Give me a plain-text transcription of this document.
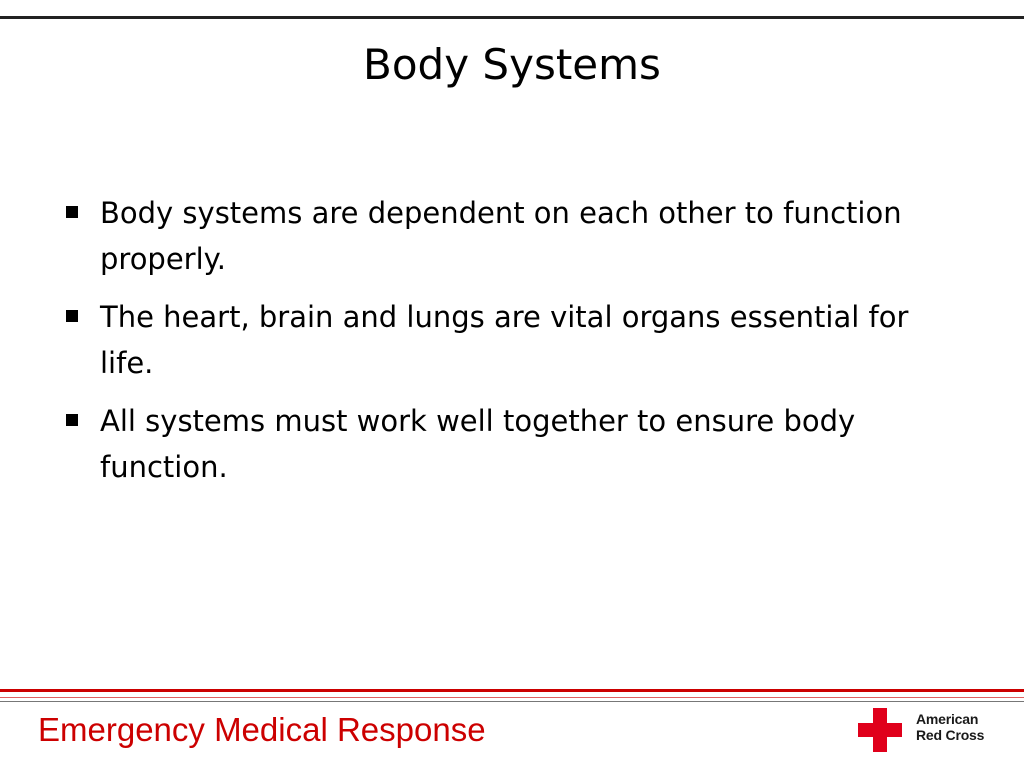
Body Systems
Body systems are dependent on each other to function properly.
The heart, brain and lungs are vital organs essential for life.
All systems must work well together to ensure body function.
Emergency Medical Response	American
Red Cross
